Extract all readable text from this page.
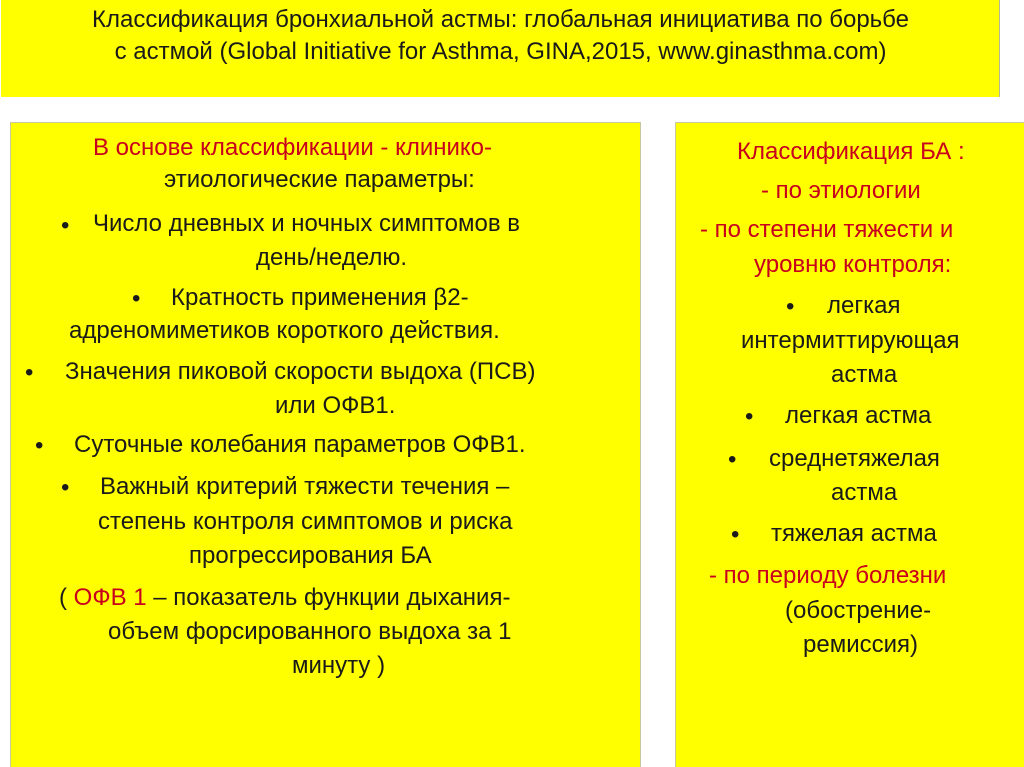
Классификация бронхиальной астмы: глобальная инициатива по борьбе
с астмой (Global Initiative for Asthma, GINA,2015, www.ginasthma.com)
В основе классификации - клинико-
этиологические параметры:
• Число дневных и ночных симптомов в
день/неделю.
• Кратность применения β2-
адреномиметиков короткого действия.
• Значения пиковой скорости выдоха (ПСВ)
или ОФВ1.
• Суточные колебания параметров ОФВ1.
• Важный критерий тяжести течения –
степень контроля симптомов и риска
прогрессирования БА
( ОФВ 1 – показатель функции дыхания-
объем форсированного выдоха за 1
минуту )
Классификация БА :
- по этиологии
- по степени тяжести и
уровню контроля:
• легкая
интермиттирующая
астма
• легкая астма
• среднетяжелая
астма
• тяжелая астма
- по периоду болезни
(обострение-
ремиссия)
